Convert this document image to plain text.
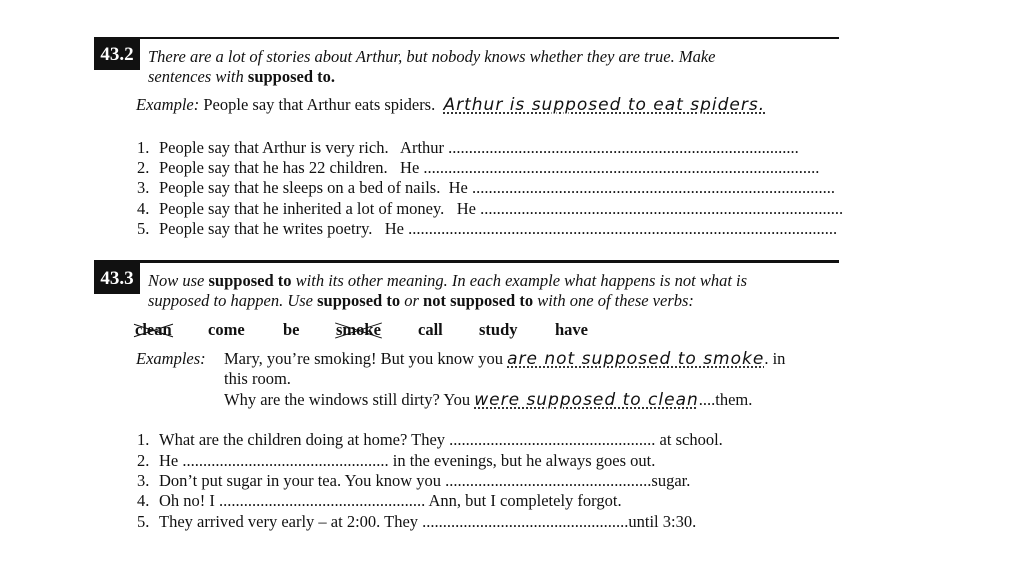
43.2 There are a lot of stories about Arthur, but nobody knows whether they are true. Make
sentences with supposed to.
Example: People say that Arthur eats spiders. Arthur is supposed to eat spiders.
1. People say that Arthur is very rich. Arthur .....................................................................................
2. People say that he has 22 children. He ................................................................................................
3. People say that he sleeps on a bed of nails. He ........................................................................................
4. People say that he inherited a lot of money. He ........................................................................................
5. People say that he writes poetry. He ........................................................................................................
43.3 Now use supposed to with its other meaning. In each example what happens is not what is
supposed to happen. Use supposed to or not supposed to with one of these verbs:
clean come be smoke call study have
Examples: Mary, you’re smoking! But you know you are not supposed to smoke. in
this room.
Why are the windows still dirty? You were supposed to clean....them.
1. What are the children doing at home? They .................................................. at school.
2. He .................................................. in the evenings, but he always goes out.
3. Don’t put sugar in your tea. You know you ..................................................sugar.
4. Oh no! I .................................................. Ann, but I completely forgot.
5. They arrived very early – at 2:00. They ..................................................until 3:30.
